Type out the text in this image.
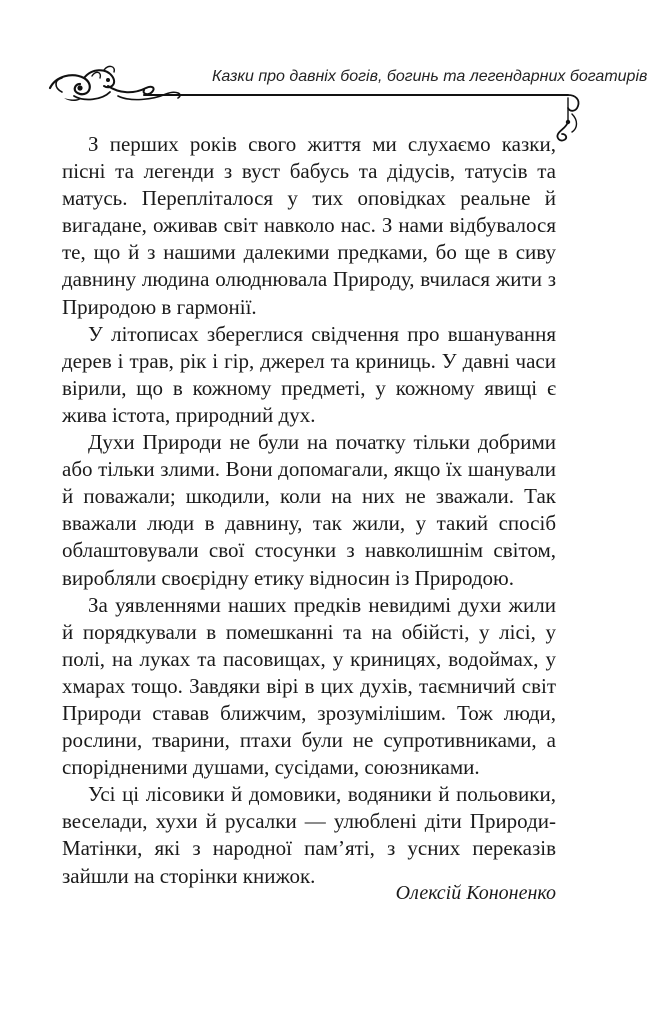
Казки про давніх богів, богинь та легендарних богатирів

З перших років свого життя ми слухаємо казки, пісні та легенди з вуст бабусь та дідусів, татусів та матусь. Перепліталося у тих оповідках реальне й вигадане, оживав світ навколо нас. З нами відбувалося те, що й з нашими далекими предками, бо ще в сиву давнину людина олюднювала Природу, вчилася жити з Природою в гармонії.

У літописах збереглися свідчення про вшанування дерев і трав, рік і гір, джерел та криниць. У давні часи вірили, що в кожному предметі, у кожному явищі є жива істота, природний дух.

Духи Природи не були на початку тільки добрими або тільки злими. Вони допомагали, якщо їх шанували й поважали; шкодили, коли на них не зважали. Так вважали люди в давнину, так жили, у такий спосіб облаштовували свої стосунки з навколишнім світом, виробляли своєрідну етику відносин із Природою.

За уявленнями наших предків невидимі духи жили й порядкували в помешканні та на обійсті, у лісі, у полі, на луках та пасовищах, у криницях, водоймах, у хмарах тощо. Завдяки вірі в цих духів, таємничий світ Природи ставав ближчим, зрозумілішим. Тож люди, рослини, тварини, птахи були не супротивниками, а спорідненими душами, сусідами, союзниками.

Усі ці лісовики й домовики, водяники й польовики, веселади, хухи й русалки — улюблені діти Природи-Матінки, які з народної пам’яті, з усних переказів зайшли на сторінки книжок.

Олексій Кононенко
